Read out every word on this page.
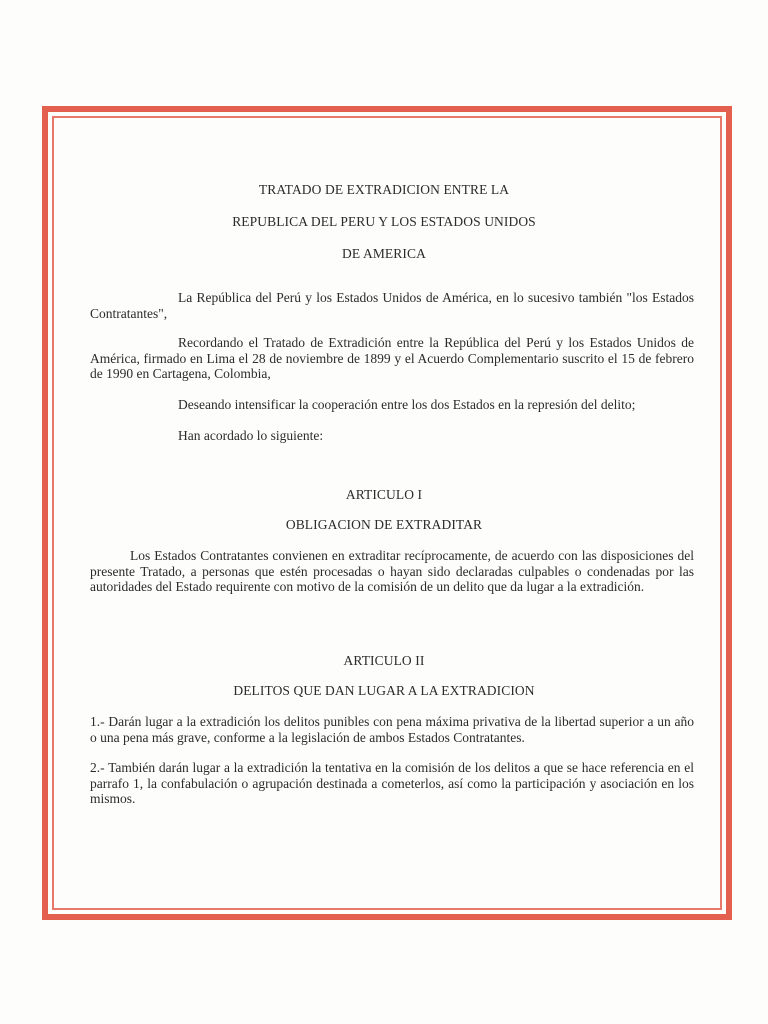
TRATADO DE EXTRADICION ENTRE LA
REPUBLICA DEL PERU Y LOS ESTADOS UNIDOS
DE AMERICA
La República del Perú y los Estados Unidos de América, en lo sucesivo también "los Estados Contratantes",
Recordando el Tratado de Extradición entre la República del Perú y los Estados Unidos de América, firmado en Lima el 28 de noviembre de 1899 y el Acuerdo Complementario suscrito el 15 de febrero de 1990 en Cartagena, Colombia,
Deseando intensificar la cooperación entre los dos Estados en la represión del delito;
Han acordado lo siguiente:
ARTICULO I
OBLIGACION DE EXTRADITAR
Los Estados Contratantes convienen en extraditar recíprocamente, de acuerdo con las disposiciones del presente Tratado, a personas que estén procesadas o hayan sido declaradas culpables o condenadas por las autoridades del Estado requirente con motivo de la comisión de un delito que da lugar a la extradición.
ARTICULO II
DELITOS QUE DAN LUGAR A LA EXTRADICION
1.- Darán lugar a la extradición los delitos punibles con pena máxima privativa de la libertad superior a un año o una pena más grave, conforme a la legislación de ambos Estados Contratantes.
2.- También darán lugar a la extradición la tentativa en la comisión de los delitos a que se hace referencia en el parrafo 1, la confabulación o agrupación destinada a cometerlos, así como la participación y asociación en los mismos.
